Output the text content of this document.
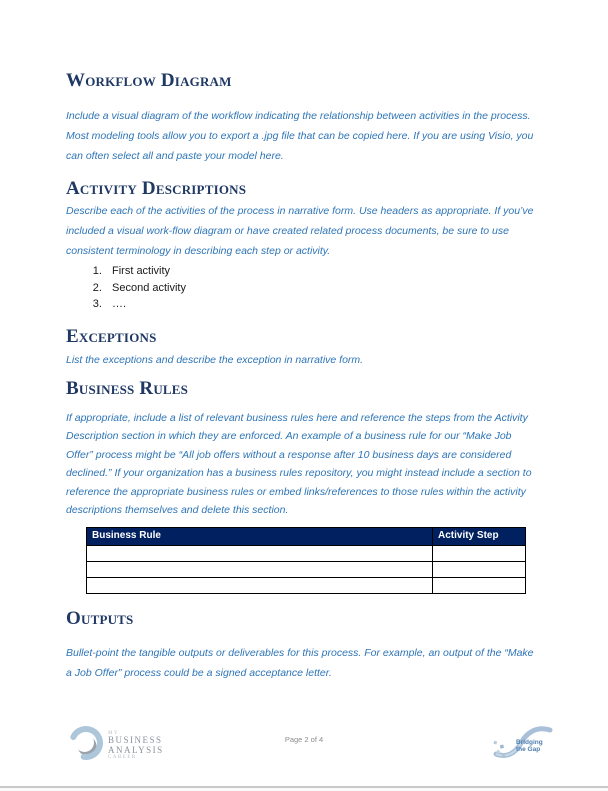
Workflow Diagram

Include a visual diagram of the workflow indicating the relationship between activities in the process. Most modeling tools allow you to export a .jpg file that can be copied here. If you are using Visio, you can often select all and paste your model here.

Activity Descriptions

Describe each of the activities of the process in narrative form. Use headers as appropriate. If you’ve included a visual work-flow diagram or have created related process documents, be sure to use consistent terminology in describing each step or activity.

1. First activity
2. Second activity
3. ….
Exceptions

List the exceptions and describe the exception in narrative form.

Business Rules

If appropriate, include a list of relevant business rules here and reference the steps from the Activity Description section in which they are enforced. An example of a business rule for our “Make Job Offer” process might be “All job offers without a response after 10 business days are considered declined.” If your organization has a business rules repository, you might instead include a section to reference the appropriate business rules or embed links/references to those rules within the activity descriptions themselves and delete this section.

Business Rule	Activity Step

Outputs

Bullet-point the tangible outputs or deliverables for this process. For example, an output of the “Make a Job Offer” process could be a signed acceptance letter.

MY
BUSINESS
ANALYSIS
CAREER
Page 2 of 4	Bridging
the Gap
